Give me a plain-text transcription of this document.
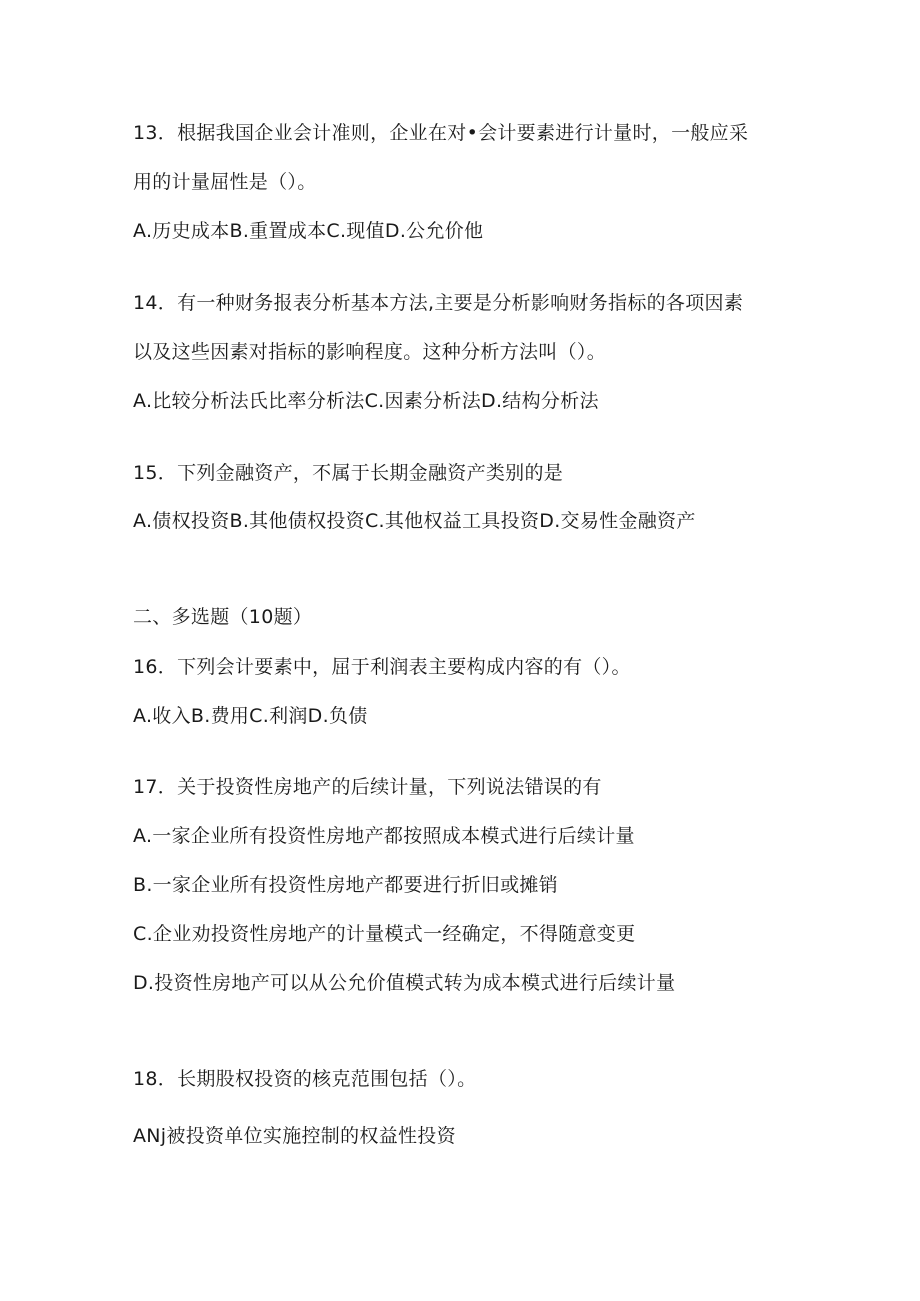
13．根据我国企业会计准则，企业在对•会计要素进行计量时，一般应采
用的计量屈性是（）。
A.历史成本B.重置成本C.现值D.公允价他
14．有一种财务报表分析基本方法,主要是分析影响财务指标的各项因素
以及这些因素对指标的影响程度。这种分析方法叫（）。
A.比较分析法氏比率分析法C.因素分析法D.结构分析法
15．下列金融资产，不属于长期金融资产类别的是
A.债权投资B.其他债权投资C.其他权益工具投资D.交易性金融资产
二、多选题（10题）
16．下列会计要素中，屈于利润表主要构成内容的有（）。
A.收入B.费用C.利润D.负债
17．关于投资性房地产的后续计量，下列说法错误的有
A.一家企业所有投资性房地产都按照成本模式进行后续计量
B.一家企业所有投资性房地产都要进行折旧或摊销
C.企业劝投资性房地产的计量模式一经确定，不得随意变更
D.投资性房地产可以从公允价值模式转为成本模式进行后续计量
18．长期股权投资的核克范围包括（）。
ANj被投资单位实施控制的权益性投资
